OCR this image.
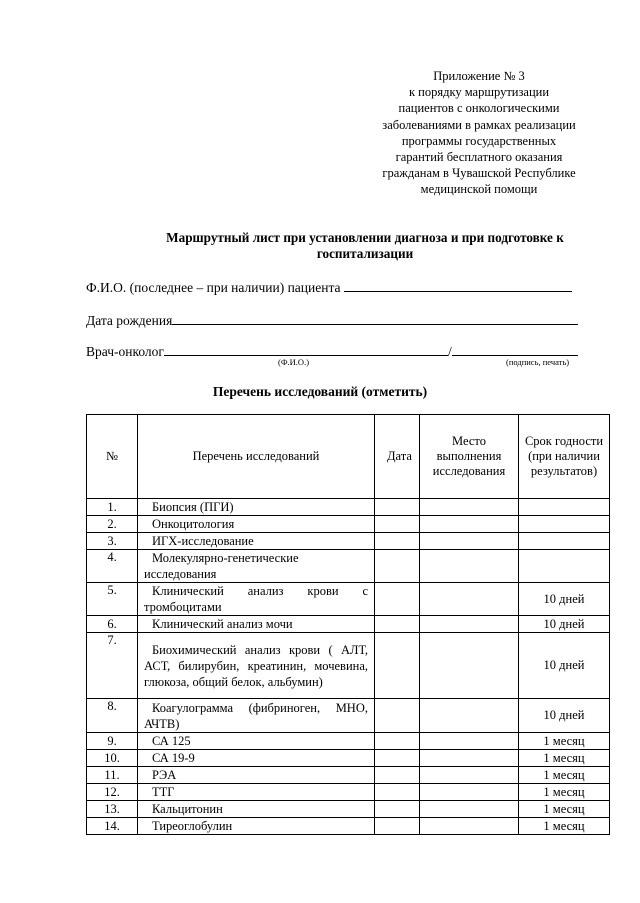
Приложение № 3
к порядку маршрутизации
пациентов с онкологическими
заболеваниями в рамках реализации
программы государственных
гарантий бесплатного оказания
гражданам в Чувашской Республике
медицинской помощи
Маршрутный лист при установлении диагноза и при подготовке к госпитализации
Ф.И.О. (последнее – при наличии) пациента
Дата рождения
Врач-онколог	/
(Ф.И.О.)	(подпись, печать)
Перечень исследований (отметить)
№	Перечень исследований	Дата	Место выполнения исследования	Срок годности (при наличии результатов)
1.	Биопсия (ПГИ)			
2.	Онкоцитология			
3.	ИГХ-исследование			
4.	Молекулярно-генетические исследования			
5.	Клинический анализ крови с тромбоцитами			10 дней
6.	Клинический анализ мочи			10 дней
7.	Биохимический анализ крови ( АЛТ, АСТ, билирубин, креатинин, мочевина, глюкоза, общий белок, альбумин)			10 дней
8.	Коагулограмма (фибриноген, МНО, АЧТВ)			10 дней
9.	СА 125			1 месяц
10.	СА 19-9			1 месяц
11.	РЭА			1 месяц
12.	ТТГ			1 месяц
13.	Кальцитонин			1 месяц
14.	Тиреоглобулин			1 месяц
